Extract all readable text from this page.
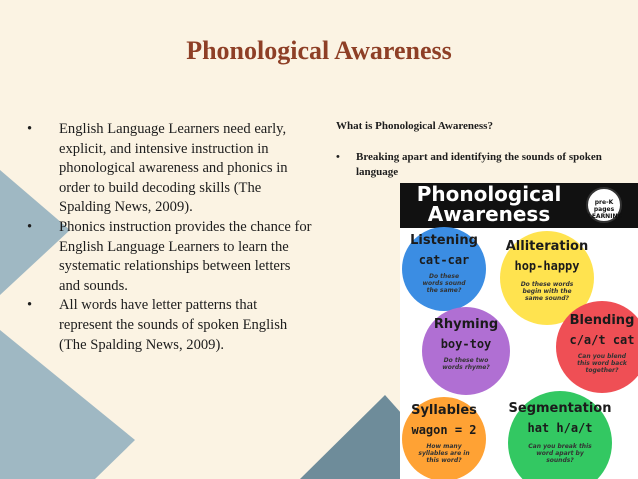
Phonological Awareness
• English Language Learners need early, explicit, and intensive instruction in phonological awareness and phonics in order to build decoding skills (The Spalding News, 2009).
• Phonics instruction provides the chance for English Language Learners to learn the systematic relationships between letters and sounds.
• All words have letter patterns that represent the sounds of spoken English (The Spalding News, 2009).
What is Phonological Awareness?
•	Breaking apart and identifying the sounds of spoken language
Phonological
Awareness	pre-K pages LEARNING
Listening
cat-car
Do these words sound the same?
Alliteration
hop-happy
Do these words begin with the same sound?
Rhyming
boy-toy
Do these two words rhyme?
Blending
c/a/t cat
Can you blend this word back together?
Syllables
wagon = 2
How many syllables are in this word?
Segmentation
hat h/a/t
Can you break this word apart by sounds?
